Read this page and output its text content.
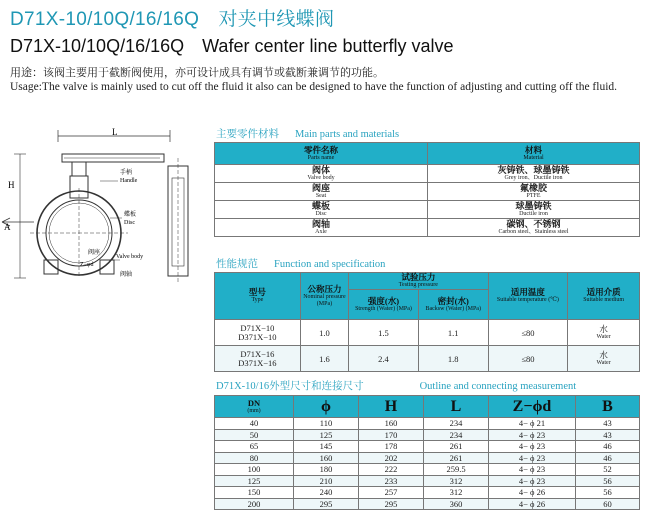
D71X-10/10Q/16/16Q　对夹中线蝶阀
D71X-10/10Q/16/16Q　Wafer center line butterfly valve
用途：该阀主要用于截断阀使用，亦可设计成具有调节或截断兼调节的功能。
Usage:The valve is mainly used to cut off the fluid it also can be designed to have the function of adjusting and cutting off the fluid.
L
H
A
手柄
Handle
蝶板
Disc
阀座
Z−φd
Valve body
阀轴
主要零件材料 Main parts and materials
零件名称
Parts name	材料
Material

阀体
Valve body	灰铸铁、球墨铸铁
Grey iron、Ductile iron

阀座
Seat	氟橡胶
PTFE

蝶板
Disc	球墨铸铁
Ductile iron

阀轴
Axle	碳钢、不锈钢
Carbon steel、Stainless steel
性能规范 Function and specification
型号
Type	公称压力
Nominal pressure (MPa)	试验压力
Testing pressure		适用温度
Suitable temperature (℃)	适用介质
Suitable medium

		强度(水)
Strength (Water) (MPa)	密封(水)
Backsw (Water) (MPa)		

D71X−10
D371X−10	1.0	1.5	1.1	≤80	水
Water

D71X−16
D371X−16	1.6	2.4	1.8	≤80	水
Water
D71X-10/16外型尺寸和连接尺寸	Outline and connecting measurement
DN
(mm)	ϕ	H	L	Z−ϕd	B
40	110	160	234	4− ϕ 21	43
50	125	170	234	4− ϕ 23	43
65	145	178	261	4− ϕ 23	46
80	160	202	261	4− ϕ 23	46
100	180	222	259.5	4− ϕ 23	52
125	210	233	312	4− ϕ 23	56
150	240	257	312	4− ϕ 26	56
200	295	295	360	4− ϕ 26	60
